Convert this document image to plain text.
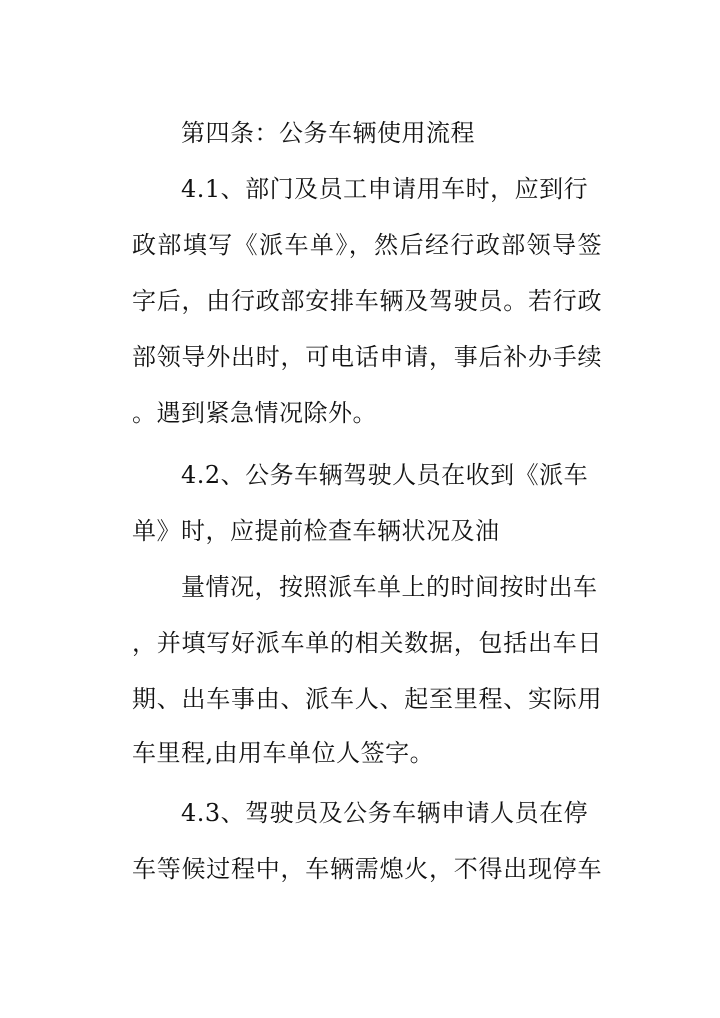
第四条：公务车辆使用流程
4.1、部门及员工申请用车时，应到行
政部填写《派车单》，然后经行政部领导签
字后，由行政部安排车辆及驾驶员。若行政
部领导外出时，可电话申请，事后补办手续
。遇到紧急情况除外。
4.2、公务车辆驾驶人员在收到《派车
单》时，应提前检查车辆状况及油
量情况，按照派车单上的时间按时出车
，并填写好派车单的相关数据，包括出车日
期、出车事由、派车人、起至里程、实际用
车里程,由用车单位人签字。
4.3、驾驶员及公务车辆申请人员在停
车等候过程中，车辆需熄火，不得出现停车
